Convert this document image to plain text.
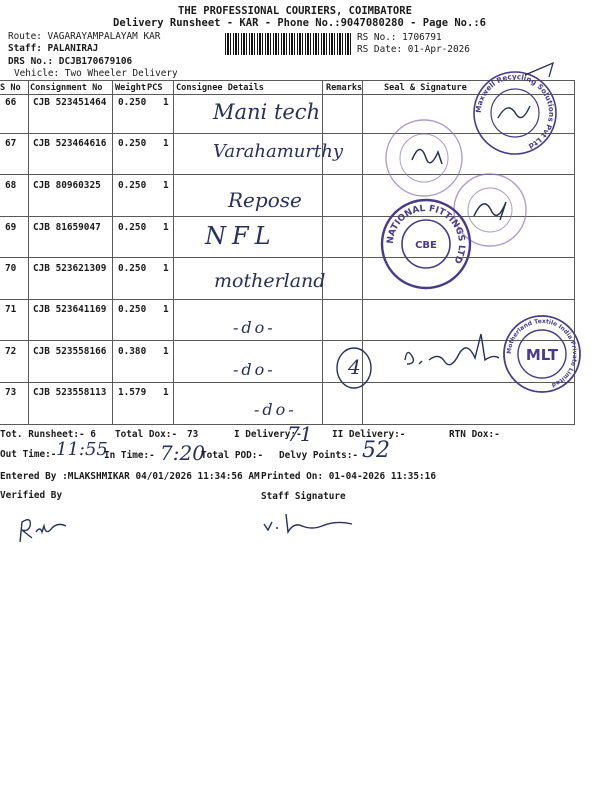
THE PROFESSIONAL COURIERS, COIMBATORE
Delivery Runsheet - KAR - Phone No.:9047080280 - Page No.:6
Route: VAGARAYAMPALAYAM KAR
Staff: PALANIRAJ
DRS No.: DCJB170679106
Vehicle: Two Wheeler Delivery
RS No.: 1706791
RS Date: 01-Apr-2026
S No Consignment No Weight PCS Consignee Details	Remarks	Seal & Signature
66 CJB 523451464 0.250 1 Mani tech
67 CJB 523464616 0.250 1 Varahamurthy
68 CJB 80960325 0.250 1
Repose
69 CJB 81659047 0.250 1 NFL
70 CJB 523621309 0.250 1
motherland
71 CJB 523641169 0.250 1
-do-
72 CJB 523558166 0.380 1
-do-
73 CJB 523558113 1.579 1
-do-
4
Maxwell Recycling Solutions Pvt Ltd
NATIONAL FITTINGS LTD
CBE
Motherland Textile India Private Limited
MLT
Tot. Runsheet:- 6 Total Dox:- 73	I Delivery:-
71 II Delivery:-	RTN Dox:-
Out Time:- 11:55
In Time:- 7:20
Total POD:- Delvy Points:- 52
Entered By :MLAKSHMIKAR 04/01/2026 11:34:56 AM Printed On: 01-04-2026 11:35:16
Verified By	Staff Signature
